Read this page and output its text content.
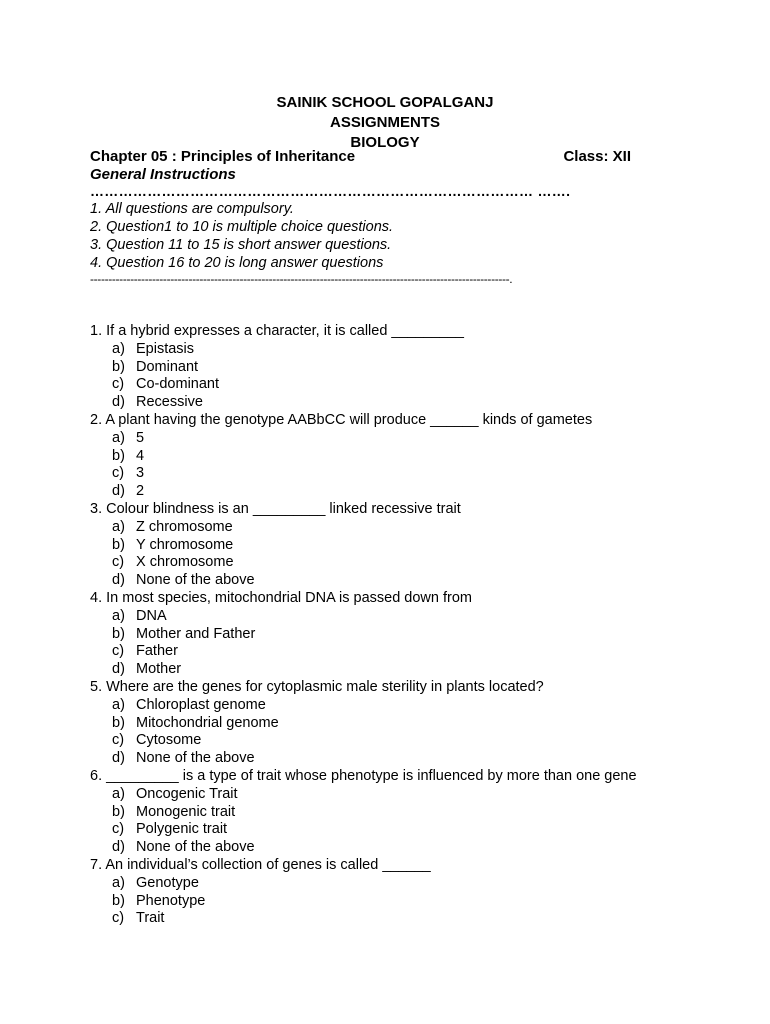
SAINIK SCHOOL GOPALGANJ
ASSIGNMENTS
BIOLOGY
Chapter 05 : Principles of Inheritance	Class: XII
General Instructions
………………………………………………………………………………… …….
1. All questions are compulsory.
2. Question1 to 10 is multiple choice questions.
3. Question 11 to 15 is short answer questions.
4. Question 16 to 20 is long answer questions
-------------------------------------------------------------------------------------------------------------------.
1. If a hybrid expresses a character, it is called _________
a) Epistasis
b) Dominant
c) Co-dominant
d) Recessive
2. A plant having the genotype AABbCC will produce ______ kinds of gametes
a) 5
b) 4
c) 3
d) 2
3. Colour blindness is an _________ linked recessive trait
a) Z chromosome
b) Y chromosome
c) X chromosome
d) None of the above
4. In most species, mitochondrial DNA is passed down from
a) DNA
b) Mother and Father
c) Father
d) Mother
5. Where are the genes for cytoplasmic male sterility in plants located?
a) Chloroplast genome
b) Mitochondrial genome
c) Cytosome
d) None of the above
6. _________ is a type of trait whose phenotype is influenced by more than one gene
a) Oncogenic Trait
b) Monogenic trait
c) Polygenic trait
d) None of the above
7. An individual’s collection of genes is called ______
a) Genotype
b) Phenotype
c) Trait
